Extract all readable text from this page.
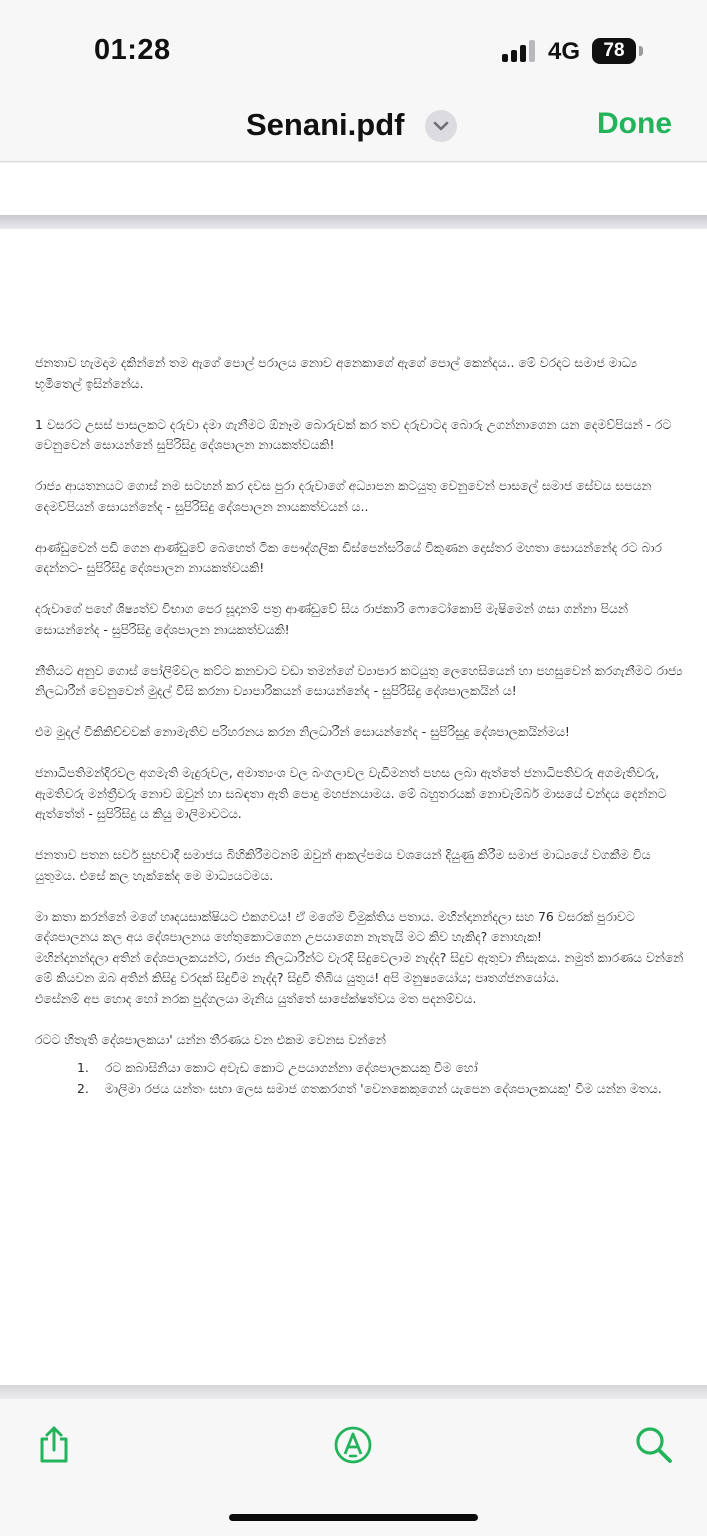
01:28	4G	78
Senani.pdf	Done

ජනතාව හැමදාම දකින්නේ තම ඇගේ පොල් පරාලය නොව අනෙකාගේ ඇගේ පොල් කෙන්දය.. මේ වරදට සමාජ මාධ්‍ය භූමිතෙල් ඉසින්නේය.

1 වසරට උසස් පාසලකට දරුවා දමා ගැනීමට ඕනෑම බොරුවක් කර තව දරුවාටද බොරු උගන්නාගෙන යන දෙමව්පියන් - රට වෙනුවෙන් සොයන්නේ සුපිරිසිදු දේශපාලන නායකත්වයකි!

රාජ්‍ය ආයතනයට ගොස් නම සටහන් කර දවස පුරා දරුවාගේ අධ්‍යාපන කටයුතු වෙනුවෙන් පාසලේ සමාජ සේවය සපයන දෙමව්පියන් සොයන්නේද - සුපිරිසිදු දේශපාලන නායකත්වයන් ය..

ආණ්ඩුවෙන් පඩි ගෙන ආණ්ඩුවේ බෙහෙත් ටික පෞද්ගලික ඩිස්පෙන්සරියේ විකුණන දොස්තර මහතා සොයන්නේද රට බාර දෙන්නට- සුපිරිසිදු දේශපාලන නායකත්වයකි!

දරුවාගේ පහේ ශිෂ්‍යත්ව විභාග පෙර සූදානම් පත්‍ර ආණ්ඩුවේ සිය රාජකාරි ෆොටෝකොපි මැෂිමෙන් ගසා ගන්නා පියන් සොයන්නේද - සුපිරිසිදු දේශපාලන නායකත්වයකි!

නීතියට අනුව ගොස් පෝලිම්වල කට්ට කනවාට වඩා තමන්ගේ ව්‍යාපාර කටයුතු ලෙහෙසියෙන් හා පහසුවෙන් කරගැනීමට රාජ්‍ය නිලධාරීන් වෙනුවෙන් මුදල් වීසි කරනා ව්‍යාපාරිකයන් සොයන්නේද - සුපිරිසිදු දේශපාලකයින් ය!

එම මුදල් විකිකිච්චවක් නොමැතිව පරිහරනය කරන නිලධාරීන් සොයන්නේද - සුපිරිසුදු දේශපාලකයින්මය!

ජනාධිපතිමන්දිරවල අගමැති මැදුරුවල, අමාත්‍යංශ වල බංගලාවල වැඩිමනත් පහස ලබා ඇත්තේ ජනාධිපතිවරු අගමැතිවරු, ඇමතිවරු මන්ත්‍රීවරු නොව ඔවුන් හා සබඳතා ඇති පොදු මහජනයාමය. මේ බහුතරයක් නොවැම්බර් මාසයේ චන්දය දෙන්නට ඇත්තේත් - සුපිරිසිදු ය කියු මාලිමාවටය.

ජනතාව පතන සර්ව සුභවාදී සමාජය බිහිකිරීමටනම් ඔවුන් ආකල්පමය වශයෙන් දියුණු කිරීම සමාජ මාධ්‍යයේ වගකීම විය යුතුමය. එසේ කල හැක්කේද මෙ මාධ්‍යයටමය.

මා කතා කරන්නේ මගේ හෘදයසාක්ෂියට එකගවය! ඒ මගේම විමුක්තිය පතාය. මහින්දානන්දලා සහ 76 වසරක් පුරාවට දේශපාලනය කල අය දේශපාලනය හේතුකොටගෙන උපයාගෙන නැතැයි මට කිව හැකිද? නොහැක!
මහින්දානන්දලා අතින් දේශපාලකයන්ට, රාජ්‍ය නිලධාරීන්ට වැරදි සිදුවෙලාම නැද්ද? සිදුව ඇතුවා නිසැකය. නමුත් කාරණය වන්නේ මේ කියවන ඔබ අතින් කිසිදු වරදක් සිදුවීම නැද්ද? සිදුවී තිබිය යුතුය! අපි මනුෂ්‍යයෝය; පෘතග්ජනයෝය.
එසේනම් අප හොද හෝ නරක පුද්ගලයා මැනිය යුත්තේ සාපේක්ෂත්වය මත පදනම්වය.

රටට හිතැති දේශපාලකයා' යන්න තීරණය වන එකම වෙනස වන්නේ

1.	රට කබාසිනියා කොට අවැඩ කොට උපයාගන්නා දේශපාලකයකු වීම හෝ
2.	මාලිමා රජය යන්තං සභා ලෙස සමාජ ගතකරගත් 'වෙනකෙකුගෙන් යැපෙන දේශපාලකයකු' වීම යන්න මතය.
